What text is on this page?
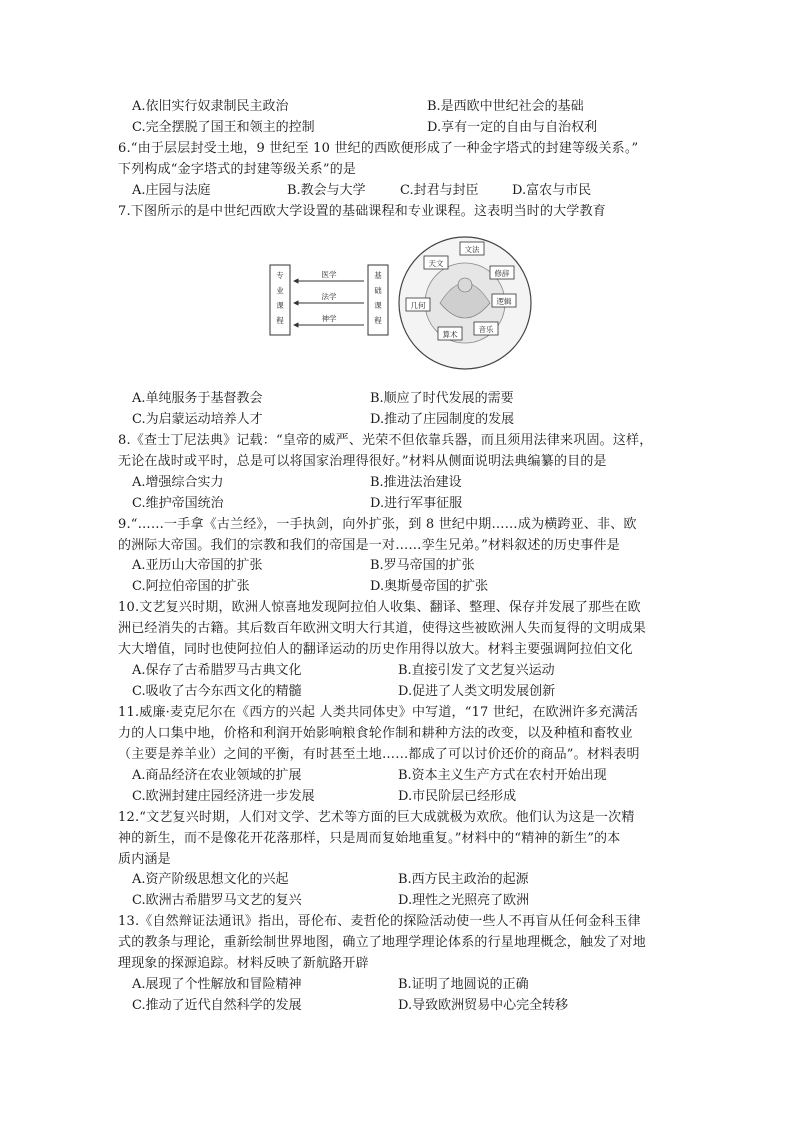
A.依旧实行奴隶制民主政治	B.是西欧中世纪社会的基础
C.完全摆脱了国王和领主的控制	D.享有一定的自由与自治权利
6.“由于层层封受土地，9 世纪至 10 世纪的西欧便形成了一种金字塔式的封建等级关系。”
下列构成“金字塔式的封建等级关系”的是
A.庄园与法庭	B.教会与大学	C.封君与封臣	D.富农与市民
7.下图所示的是中世纪西欧大学设置的基础课程和专业课程。这表明当时的大学教育
专
业
课
程
基
础
课
程
医学
法学
神学
文法
天文
修辞
几何	逻辑
算术
音乐
A.单纯服务于基督教会	B.顺应了时代发展的需要
C.为启蒙运动培养人才	D.推动了庄园制度的发展
8.《查士丁尼法典》记载：“皇帝的威严、光荣不但依靠兵器，而且须用法律来巩固。这样，
无论在战时或平时，总是可以将国家治理得很好。”材料从侧面说明法典编纂的目的是
A.增强综合实力	B.推进法治建设
C.维护帝国统治	D.进行军事征服
9.“……一手拿《古兰经》，一手执剑，向外扩张，到 8 世纪中期……成为横跨亚、非、欧
的洲际大帝国。我们的宗教和我们的帝国是一对……孪生兄弟。”材料叙述的历史事件是
A.亚历山大帝国的扩张	B.罗马帝国的扩张
C.阿拉伯帝国的扩张	D.奥斯曼帝国的扩张
10.文艺复兴时期，欧洲人惊喜地发现阿拉伯人收集、翻译、整理、保存并发展了那些在欧
洲已经消失的古籍。其后数百年欧洲文明大行其道，使得这些被欧洲人失而复得的文明成果
大大增值，同时也使阿拉伯人的翻译运动的历史作用得以放大。材料主要强调阿拉伯文化
A.保存了古希腊罗马古典文化	B.直接引发了文艺复兴运动
C.吸收了古今东西文化的精髓	D.促进了人类文明发展创新
11.威廉·麦克尼尔在《西方的兴起 人类共同体史》中写道，“17 世纪，在欧洲许多充满活
力的人口集中地，价格和利润开始影响粮食轮作制和耕种方法的改变，以及种植和畜牧业
（主要是养羊业）之间的平衡，有时甚至土地……都成了可以讨价还价的商品”。材料表明
A.商品经济在农业领域的扩展	B.资本主义生产方式在农村开始出现
C.欧洲封建庄园经济进一步发展	D.市民阶层已经形成
12.“文艺复兴时期，人们对文学、艺术等方面的巨大成就极为欢欣。他们认为这是一次精
神的新生，而不是像花开花落那样，只是周而复始地重复。”材料中的“精神的新生”的本
质内涵是
A.资产阶级思想文化的兴起	B.西方民主政治的起源
C.欧洲古希腊罗马文艺的复兴	D.理性之光照亮了欧洲
13.《自然辩证法通讯》指出，哥伦布、麦哲伦的探险活动使一些人不再盲从任何金科玉律
式的教条与理论，重新绘制世界地图，确立了地理学理论体系的行星地理概念，触发了对地
理现象的探源追踪。材料反映了新航路开辟
A.展现了个性解放和冒险精神	B.证明了地圆说的正确
C.推动了近代自然科学的发展	D.导致欧洲贸易中心完全转移
